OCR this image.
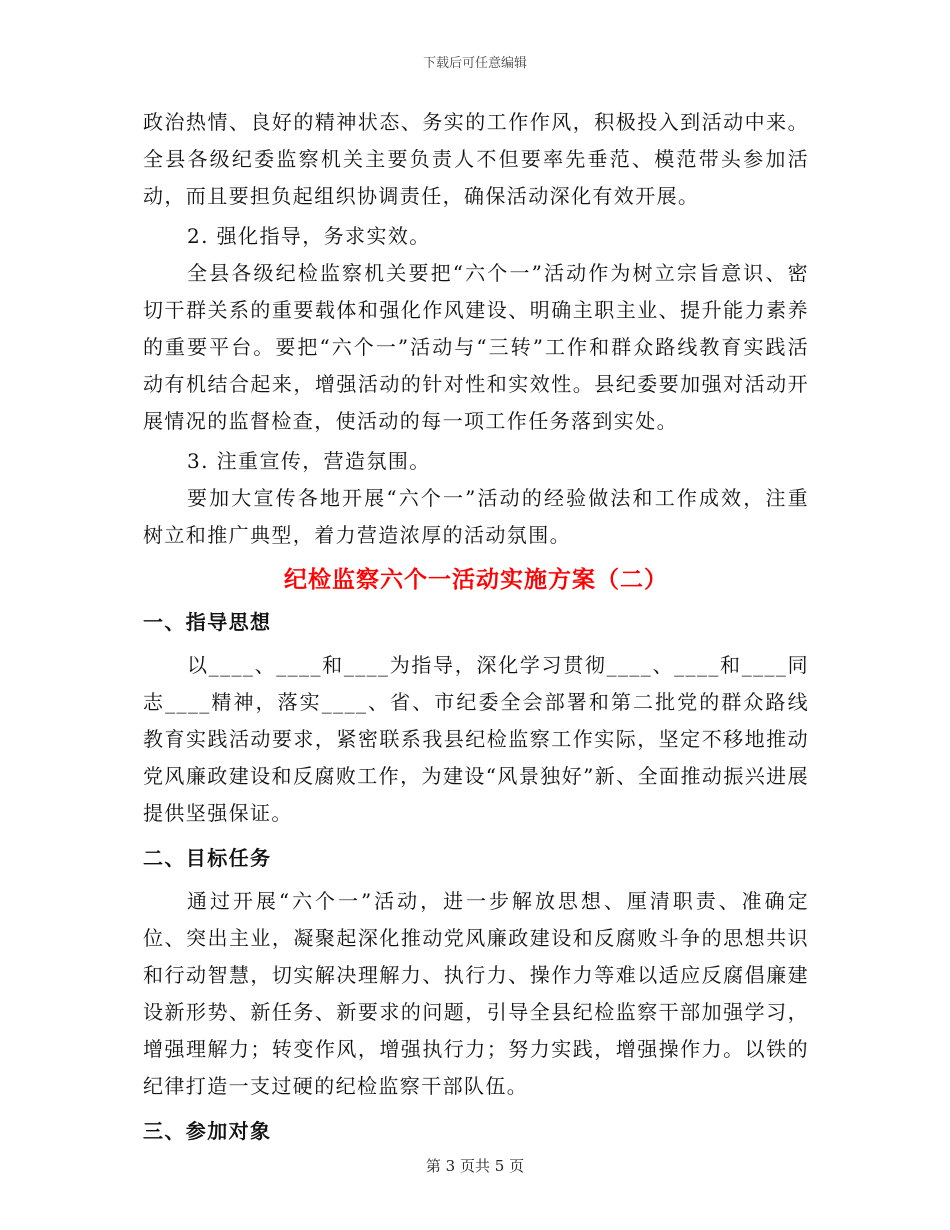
下载后可任意编辑

政治热情、良好的精神状态、务实的工作作风，积极投入到活动中来。全县各级纪委监察机关主要负责人不但要率先垂范、模范带头参加活动，而且要担负起组织协调责任，确保活动深化有效开展。

2. 强化指导，务求实效。

全县各级纪检监察机关要把“六个一”活动作为树立宗旨意识、密切干群关系的重要载体和强化作风建设、明确主职主业、提升能力素养的重要平台。要把“六个一”活动与“三转”工作和群众路线教育实践活动有机结合起来，增强活动的针对性和实效性。县纪委要加强对活动开展情况的监督检查，使活动的每一项工作任务落到实处。

3. 注重宣传，营造氛围。

要加大宣传各地开展“六个一”活动的经验做法和工作成效，注重树立和推广典型，着力营造浓厚的活动氛围。

纪检监察六个一活动实施方案（二）

一、指导思想

以____、____和____为指导，深化学习贯彻____、____和____同志____精神，落实____、省、市纪委全会部署和第二批党的群众路线教育实践活动要求，紧密联系我县纪检监察工作实际，坚定不移地推动党风廉政建设和反腐败工作，为建设“风景独好”新、全面推动振兴进展提供坚强保证。

二、目标任务

通过开展“六个一”活动，进一步解放思想、厘清职责、准确定位、突出主业，凝聚起深化推动党风廉政建设和反腐败斗争的思想共识和行动智慧，切实解决理解力、执行力、操作力等难以适应反腐倡廉建设新形势、新任务、新要求的问题，引导全县纪检监察干部加强学习，增强理解力；转变作风，增强执行力；努力实践，增强操作力。以铁的纪律打造一支过硬的纪检监察干部队伍。

三、参加对象

第 3 页共 5 页
